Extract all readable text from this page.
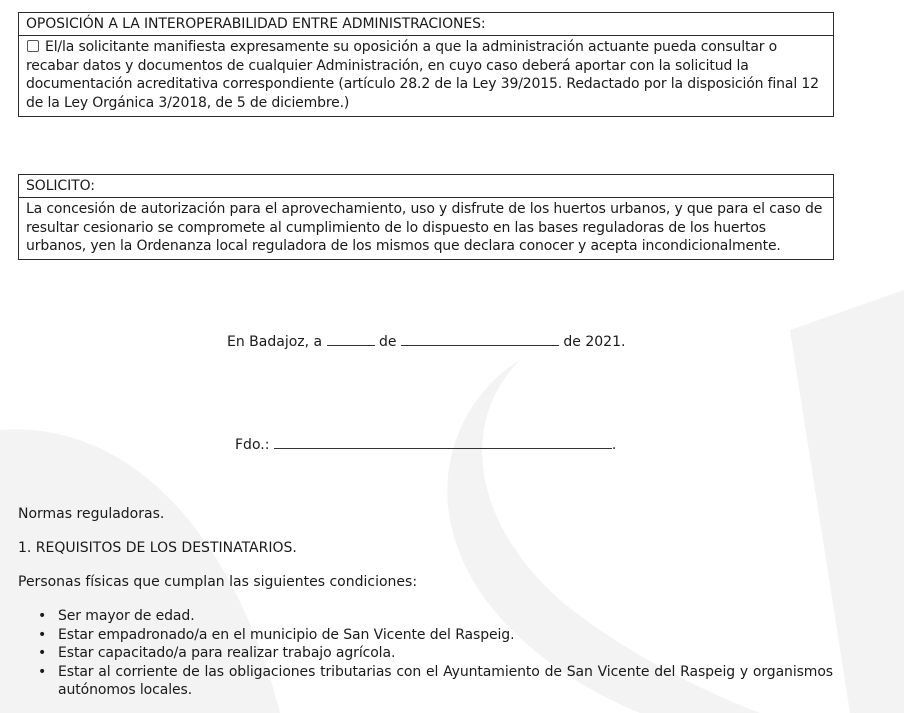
OPOSICIÓN A LA INTEROPERABILIDAD ENTRE ADMINISTRACIONES:
El/la solicitante manifiesta expresamente su oposición a que la administración actuante pueda consultar o recabar datos y documentos de cualquier Administración, en cuyo caso deberá aportar con la solicitud la documentación acreditativa correspondiente (artículo 28.2 de la Ley 39/2015. Redactado por la disposición final 12 de la Ley Orgánica 3/2018, de 5 de diciembre.)
SOLICITO:
La concesión de autorización para el aprovechamiento, uso y disfrute de los huertos urbanos, y que para el caso de resultar cesionario se compromete al cumplimiento de lo dispuesto en las bases reguladoras de los huertos urbanos, yen la Ordenanza local reguladora de los mismos que declara conocer y acepta incondicionalmente.
En Badajoz, a	de	de 2021.
Fdo.:	.
Normas reguladoras.
1. REQUISITOS DE LOS DESTINATARIOS.
Personas físicas que cumplan las siguientes condiciones:
• Ser mayor de edad.
• Estar empadronado/a en el municipio de San Vicente del Raspeig.
• Estar capacitado/a para realizar trabajo agrícola.
• Estar al corriente de las obligaciones tributarias con el Ayuntamiento de San Vicente del Raspeig y organismos autónomos locales.
